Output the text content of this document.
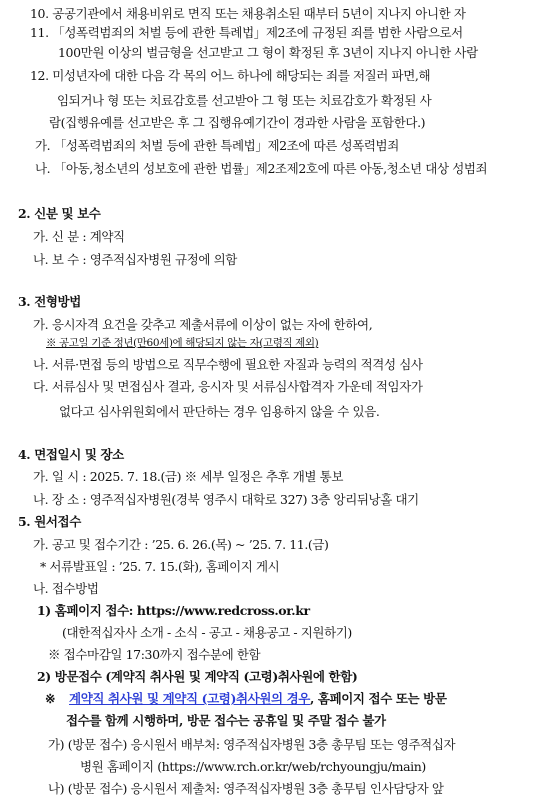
10. 공공기관에서 채용비위로 면직 또는 채용취소된 때부터 5년이 지나지 아니한 자
11. 「성폭력범죄의 처벌 등에 관한 특례법」제2조에 규정된 죄를 범한 사람으로서
100만원 이상의 벌금형을 선고받고 그 형이 확정된 후 3년이 지나지 아니한 사람
12. 미성년자에 대한 다음 각 목의 어느 하나에 해당되는 죄를 저질러 파면,해
임되거나 형 또는 치료감호를 선고받아 그 형 또는 치료감호가 확정된 사
람(집행유예를 선고받은 후 그 집행유예기간이 경과한 사람을 포함한다.)
가. 「성폭력범죄의 처벌 등에 관한 특례법」제2조에 따른 성폭력범죄
나. 「아동,청소년의 성보호에 관한 법률」제2조제2호에 따른 아동,청소년 대상 성범죄
2. 신분 및 보수
가. 신 분 : 계약직
나. 보 수 : 영주적십자병원 규정에 의함
3. 전형방법
가. 응시자격 요건을 갖추고 제출서류에 이상이 없는 자에 한하여,
※ 공고일 기준 정년(만60세)에 해당되지 않는 자(고령직 제외)
나. 서류·면접 등의 방법으로 직무수행에 필요한 자질과 능력의 적격성 심사
다. 서류심사 및 면접심사 결과, 응시자 및 서류심사합격자 가운데 적임자가
없다고 심사위원회에서 판단하는 경우 임용하지 않을 수 있음.
4. 면접일시 및 장소
가. 일 시 : 2025. 7. 18.(금) ※ 세부 일정은 추후 개별 통보
나. 장 소 : 영주적십자병원(경북 영주시 대학로 327) 3층 앙리뒤낭홀 대기
5. 원서접수
가. 공고 및 접수기간 : ’25. 6. 26.(목) ~ ’25. 7. 11.(금)
* 서류발표일 : ’25. 7. 15.(화), 홈페이지 게시
나. 접수방법
1) 홈페이지 접수: https://www.redcross.or.kr
(대한적십자사 소개 - 소식 - 공고 - 채용공고 - 지원하기)
※ 접수마감일 17:30까지 접수분에 한함
2) 방문접수 (계약직 취사원 및 계약직 (고령)취사원에 한함)
※ 계약직 취사원 및 계약직 (고령)취사원의 경우, 홈페이지 접수 또는 방문
접수를 함께 시행하며, 방문 접수는 공휴일 및 주말 접수 불가
가) (방문 접수) 응시원서 배부처: 영주적십자병원 3층 총무팀 또는 영주적십자
병원 홈페이지 (https://www.rch.or.kr/web/rchyoungju/main)
나) (방문 접수) 응시원서 제출처: 영주적십자병원 3층 총무팀 인사담당자 앞
